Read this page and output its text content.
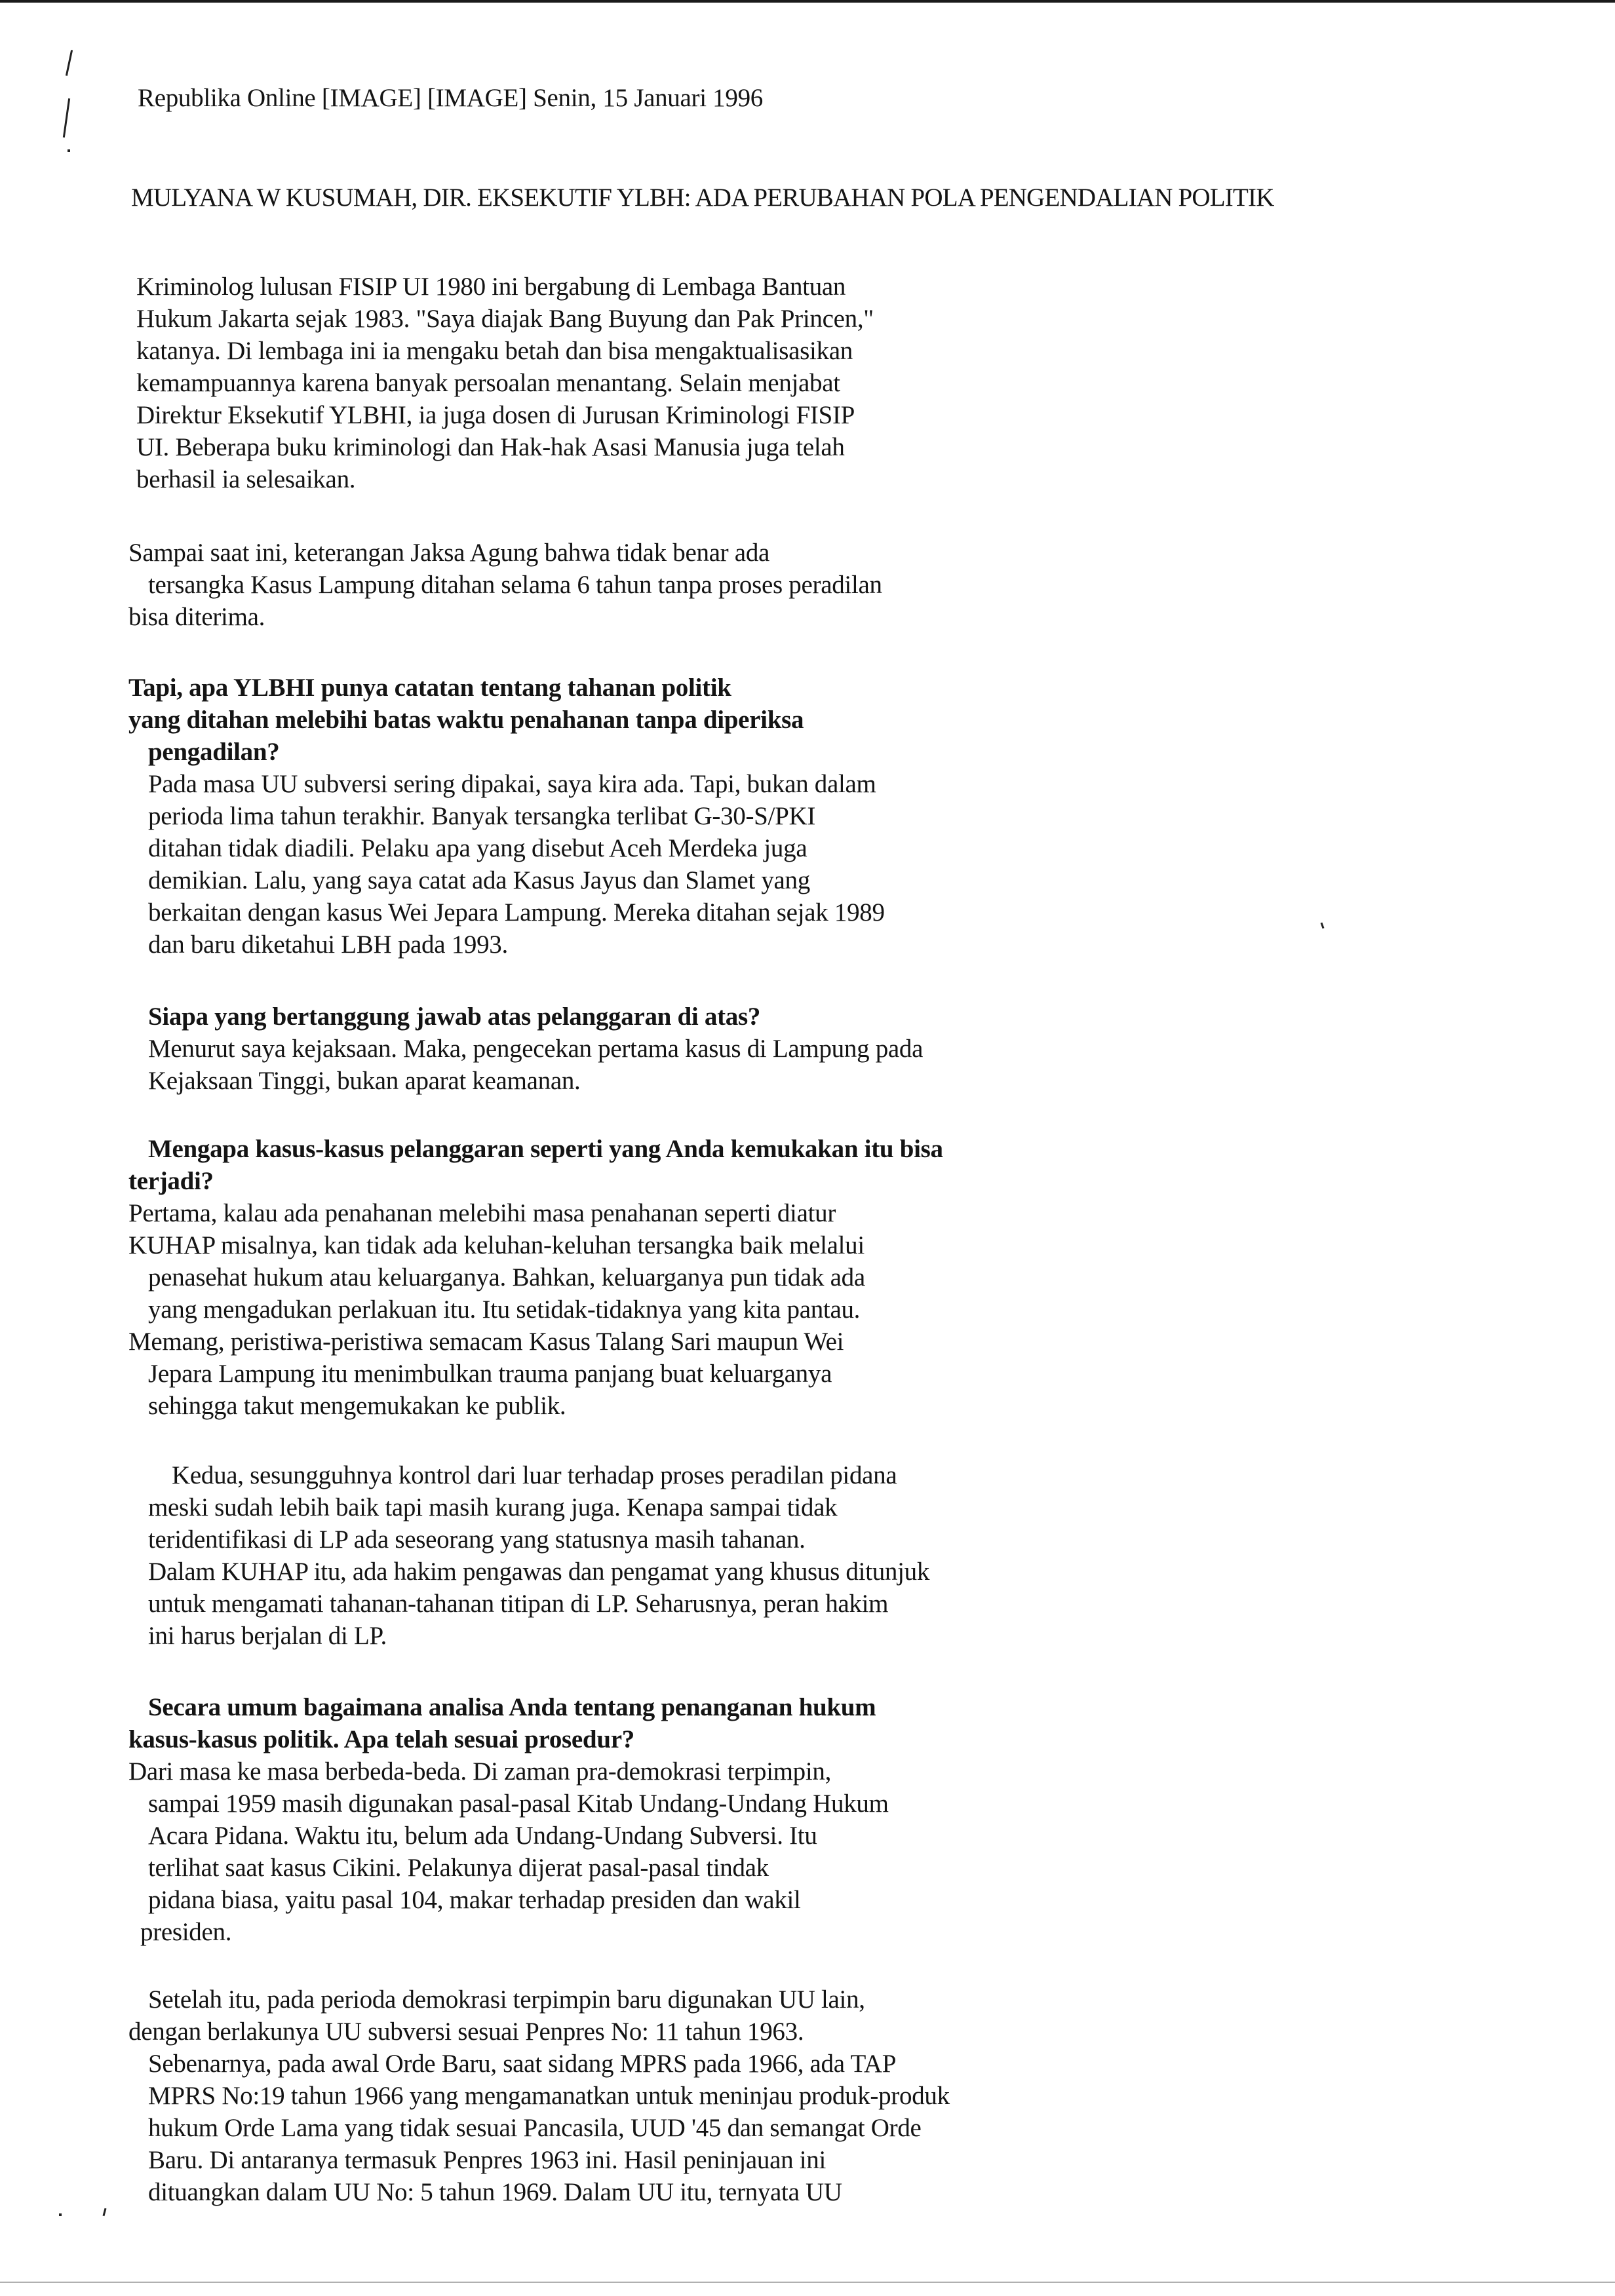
Republika Online [IMAGE] [IMAGE] Senin, 15 Januari 1996
MULYANA W KUSUMAH, DIR. EKSEKUTIF YLBH: ADA PERUBAHAN POLA PENGENDALIAN POLITIK
Kriminolog lulusan FISIP UI 1980 ini bergabung di Lembaga Bantuan
Hukum Jakarta sejak 1983. "Saya diajak Bang Buyung dan Pak Princen,"
katanya. Di lembaga ini ia mengaku betah dan bisa mengaktualisasikan
kemampuannya karena banyak persoalan menantang. Selain menjabat
Direktur Eksekutif YLBHI, ia juga dosen di Jurusan Kriminologi FISIP
UI. Beberapa buku kriminologi dan Hak-hak Asasi Manusia juga telah
berhasil ia selesaikan.
Sampai saat ini, keterangan Jaksa Agung bahwa tidak benar ada
tersangka Kasus Lampung ditahan selama 6 tahun tanpa proses peradilan
bisa diterima.
Tapi, apa YLBHI punya catatan tentang tahanan politik
yang ditahan melebihi batas waktu penahanan tanpa diperiksa
pengadilan?
Pada masa UU subversi sering dipakai, saya kira ada. Tapi, bukan dalam
perioda lima tahun terakhir. Banyak tersangka terlibat G-30-S/PKI
ditahan tidak diadili. Pelaku apa yang disebut Aceh Merdeka juga
demikian. Lalu, yang saya catat ada Kasus Jayus dan Slamet yang
berkaitan dengan kasus Wei Jepara Lampung. Mereka ditahan sejak 1989
dan baru diketahui LBH pada 1993.
Siapa yang bertanggung jawab atas pelanggaran di atas?
Menurut saya kejaksaan. Maka, pengecekan pertama kasus di Lampung pada
Kejaksaan Tinggi, bukan aparat keamanan.
Mengapa kasus-kasus pelanggaran seperti yang Anda kemukakan itu bisa
terjadi?
Pertama, kalau ada penahanan melebihi masa penahanan seperti diatur
KUHAP misalnya, kan tidak ada keluhan-keluhan tersangka baik melalui
penasehat hukum atau keluarganya. Bahkan, keluarganya pun tidak ada
yang mengadukan perlakuan itu. Itu setidak-tidaknya yang kita pantau.
Memang, peristiwa-peristiwa semacam Kasus Talang Sari maupun Wei
Jepara Lampung itu menimbulkan trauma panjang buat keluarganya
sehingga takut mengemukakan ke publik.
Kedua, sesungguhnya kontrol dari luar terhadap proses peradilan pidana
meski sudah lebih baik tapi masih kurang juga. Kenapa sampai tidak
teridentifikasi di LP ada seseorang yang statusnya masih tahanan.
Dalam KUHAP itu, ada hakim pengawas dan pengamat yang khusus ditunjuk
untuk mengamati tahanan-tahanan titipan di LP. Seharusnya, peran hakim
ini harus berjalan di LP.
Secara umum bagaimana analisa Anda tentang penanganan hukum
kasus-kasus politik. Apa telah sesuai prosedur?
Dari masa ke masa berbeda-beda. Di zaman pra-demokrasi terpimpin,
sampai 1959 masih digunakan pasal-pasal Kitab Undang-Undang Hukum
Acara Pidana. Waktu itu, belum ada Undang-Undang Subversi. Itu
terlihat saat kasus Cikini. Pelakunya dijerat pasal-pasal tindak
pidana biasa, yaitu pasal 104, makar terhadap presiden dan wakil
presiden.
Setelah itu, pada perioda demokrasi terpimpin baru digunakan UU lain,
dengan berlakunya UU subversi sesuai Penpres No: 11 tahun 1963.
Sebenarnya, pada awal Orde Baru, saat sidang MPRS pada 1966, ada TAP
MPRS No:19 tahun 1966 yang mengamanatkan untuk meninjau produk-produk
hukum Orde Lama yang tidak sesuai Pancasila, UUD '45 dan semangat Orde
Baru. Di antaranya termasuk Penpres 1963 ini. Hasil peninjauan ini
dituangkan dalam UU No: 5 tahun 1969. Dalam UU itu, ternyata UU
